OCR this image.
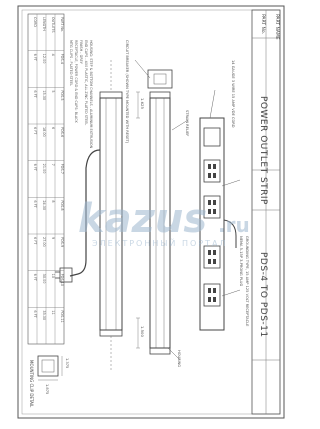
PART NAME
PART No.
POWER OUTLET STRIP
PDS-4 TO PDS-11
CIRCUIT BREAKER (SHOWN TYPE MOUNTED WITH RESET)	STRAIN RELIEF	14 GAUGE 3 WIRE 15 AMP VDE CORD
GROUNDING TYPE, 15 AMP 125 VOLT RECEPTACLE
NEMA 5-15P 3-PRONG PLUG
HOUSING
1.625
1.500
1.375
1.875
MOUNTING CLIP DETAIL
HOUSING: STEP & BOTTOM CHANNELS - ALUMINUM EXTRUSION
END CAPS - 400 PLASTIC, ALL ZINC PLATED STEEL
FINISH - GREY
RECEPTACLE, POWER CORD & END CAPS: BLACK
MTG CLIPS - PLATED STEEL
PART No.
OUTLETS
LENGTH
CORD
PDS-4
4
12.00
6 FT
PDS-5
5
15.00
6 FT
PDS-6
6
18.00
6 FT
PDS-7
7
21.00
6 FT
PDS-8
8
24.00
6 FT
PDS-9
9
27.00
6 FT
PDS-10
10
30.00
6 FT
PDS-11
11
33.00
6 FT
kazus .ru
ЭЛЕКТРОННЫЙ ПОРТАЛ
